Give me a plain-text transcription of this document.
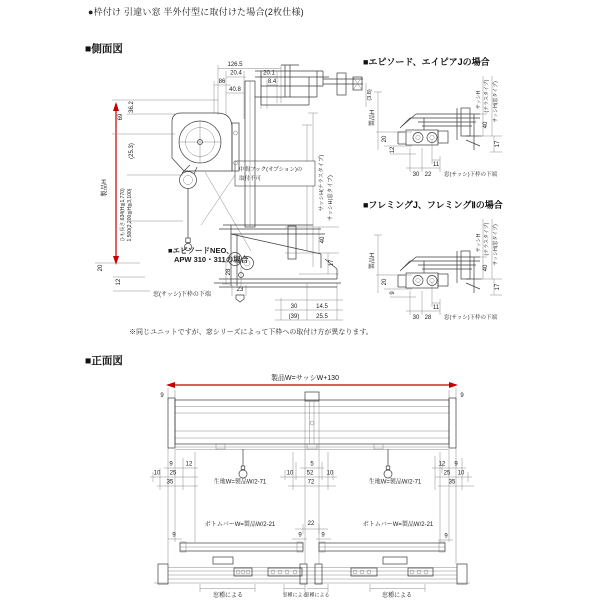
●枠付け 引違い窓 半外付型に取付けた場合(2枚仕様)
■側面図
製品H
ひも長さ:634(H≦1,770) 1,500(2,200≦H≦3,100)
69
36.2
(25.3)
126.5
20.4
86
40.8
20.1
8.4
(3.8)
サッシH(テラスタイプ) サッシH(窓タイプ)
40
17
20
12
28
23
窓(サッシ)下枠の下端
30
(39)
14.5
25.5
■エピソードNEO、
APW 310・311の場合
中間フック(オプション)の
取付不可
■エピソード、エイピアJの場合
製品H
20
12
40
17
サッシH (テラスタイプ) サッシH(窓タイプ)
30 22
11
窓(サッシ)下枠の下端
■フレミングJ、フレミングⅡの場合
製品H
20
9
40
17
サッシH (テラスタイプ) サッシH(窓タイプ)
30 28
11
窓(サッシ)下枠の下端
※同じユニットですが、窓シリーズによって下枠への取付け方が異なります。
■正面図
製品W=サッシW+130
9	9
9 12
10 25
35	生地W=製品W/2-71
5
10 52 10
72
12 9
25 10
35
生地W=製品W/2-71
ボトムバーW=製品W/2-21	22	ボトムバーW=製品W/2-21
9	9	9	9
窓種による	窓種による
窓種による	窓種による
